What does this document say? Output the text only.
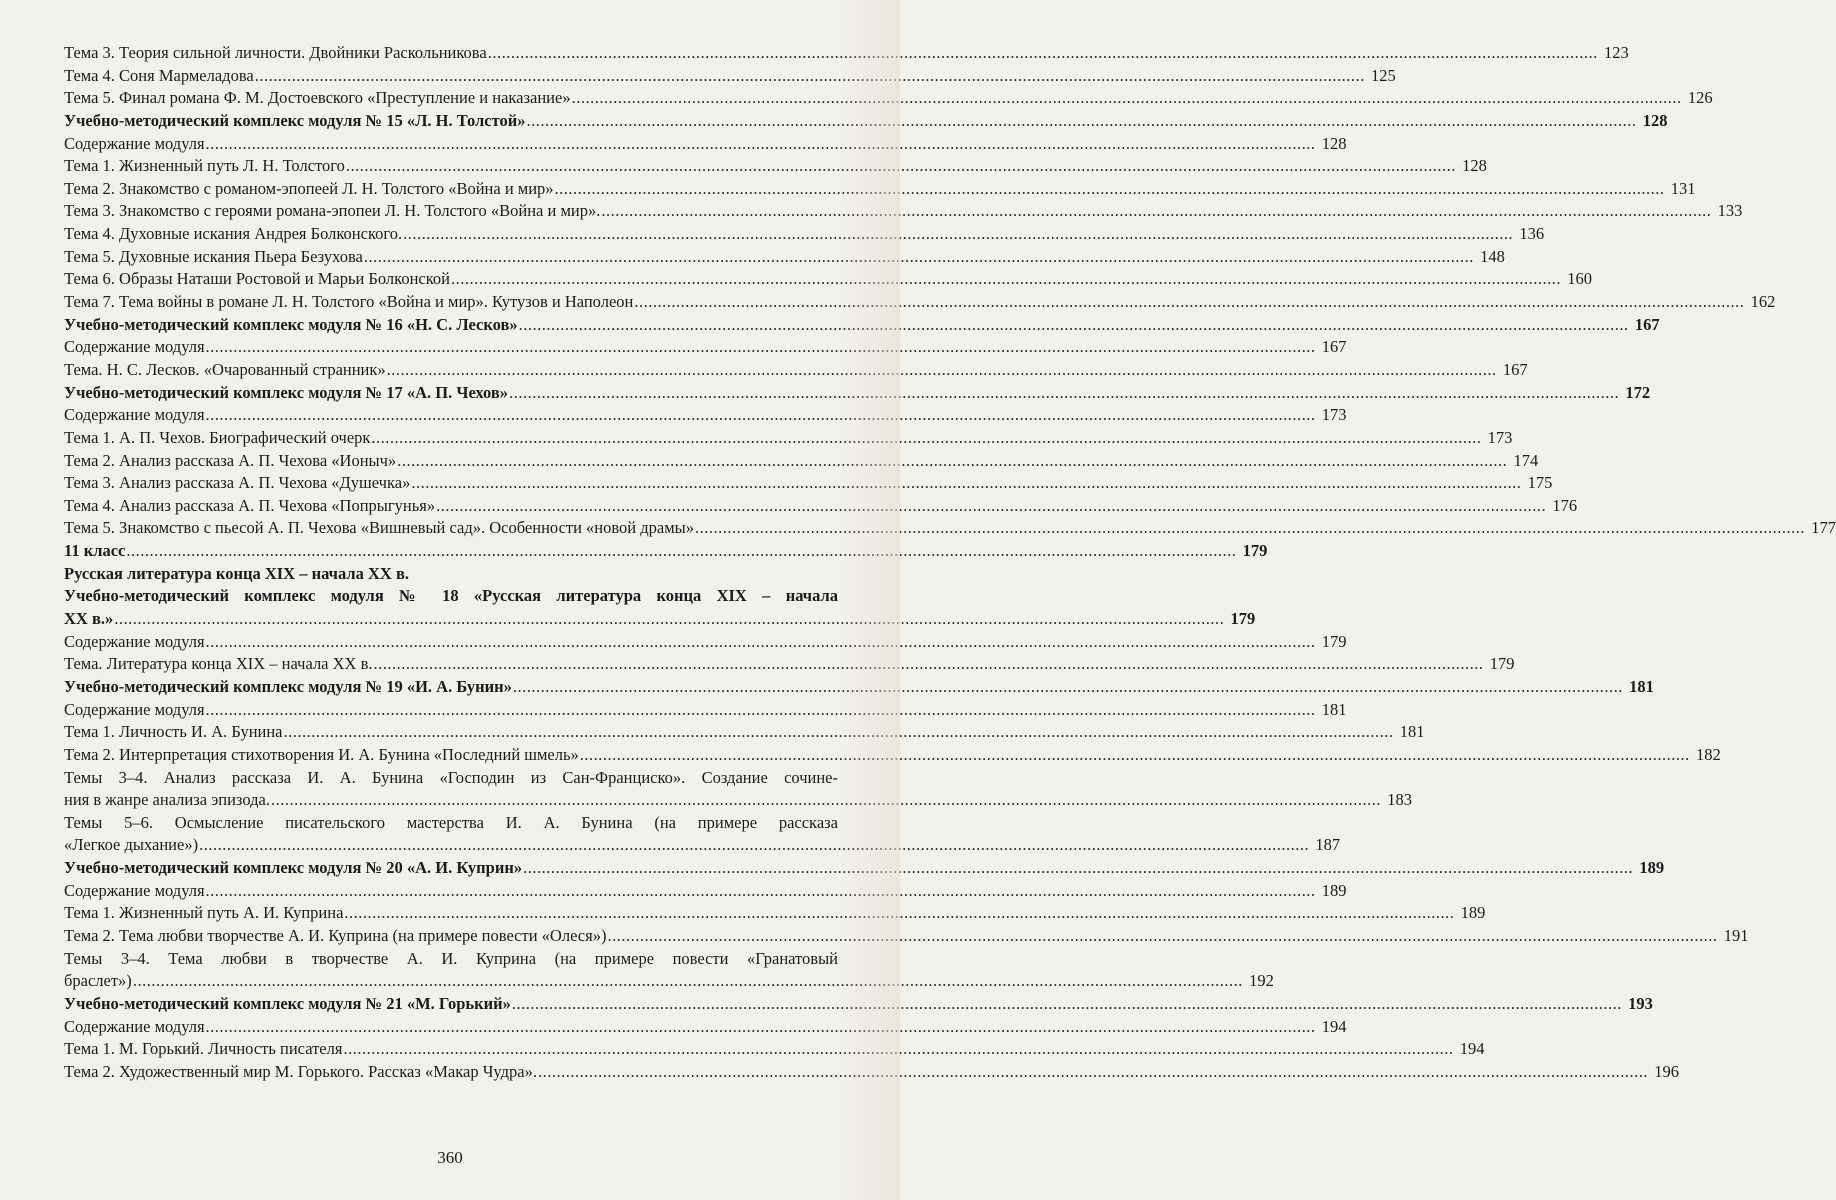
Тема 3. Теория сильной личности. Двойники Раскольникова .....	123
Тема 4. Соня Мармеладова .....	125
Тема 5. Финал романа Ф. М. Достоевского «Преступление и наказание» .....	126
Учебно-методический комплекс модуля № 15 «Л. Н. Толстой» .....	128
Содержание модуля .....	128
Тема 1. Жизненный путь Л. Н. Толстого .....	128
Тема 2. Знакомство с романом-эпопеей Л. Н. Толстого «Война и мир» .....	131
Тема 3. Знакомство с героями романа-эпопеи Л. Н. Толстого «Война и мир». .....	133
Тема 4. Духовные искания Андрея Болконского. .....	136
Тема 5. Духовные искания Пьера Безухова .....	148
Тема 6. Образы Наташи Ростовой и Марьи Болконской .....	160
Тема 7. Тема войны в романе Л. Н. Толстого «Война и мир». Кутузов и Наполеон .....	162
Учебно-методический комплекс модуля № 16 «Н. С. Лесков» .....	167
Содержание модуля .....	167
Тема. Н. С. Лесков. «Очарованный странник» .....	167
Учебно-методический комплекс модуля № 17 «А. П. Чехов» .....	172
Содержание модуля .....	173
Тема 1. А. П. Чехов. Биографический очерк .....	173
Тема 2. Анализ рассказа А. П. Чехова «Ионыч» .....	174
Тема 3. Анализ рассказа А. П. Чехова «Душечка» .....	175
Тема 4. Анализ рассказа А. П. Чехова «Попрыгунья» .....	176
Тема 5. Знакомство с пьесой А. П. Чехова «Вишневый сад». Особенности «новой драмы» .....	177
11 класс .....	179
Русская литература конца XIX – начала XX в.
Учебно-методический комплекс модуля № 18 «Русская литература конца XIX – начала
XX в.» .....	179
Содержание модуля .....	179
Тема. Литература конца XIX – начала XX в. .....	179
Учебно-методический комплекс модуля № 19 «И. А. Бунин» .....	181
Содержание модуля .....	181
Тема 1. Личность И. А. Бунина .....	181
Тема 2. Интерпретация стихотворения И. А. Бунина «Последний шмель» .....	182
Темы 3–4. Анализ рассказа И. А. Бунина «Господин из Сан-Франциско». Создание сочине-
ния в жанре анализа эпизода. .....	183
Темы 5–6. Осмысление писательского мастерства И. А. Бунина (на примере рассказа
«Легкое дыхание») .....	187
Учебно-методический комплекс модуля № 20 «А. И. Куприн» .....	189
Содержание модуля .....	189
Тема 1. Жизненный путь А. И. Куприна .....	189
Тема 2. Тема любви творчестве А. И. Куприна (на примере повести «Олеся») .....	191
Темы 3–4. Тема любви в творчестве А. И. Куприна (на примере повести «Гранатовый
браслет») .....	192
Учебно-методический комплекс модуля № 21 «М. Горький» .....	193
Содержание модуля .....	194
Тема 1. М. Горький. Личность писателя .....	194
Тема 2. Художественный мир М. Горького. Рассказ «Макар Чудра». .....	196
360
